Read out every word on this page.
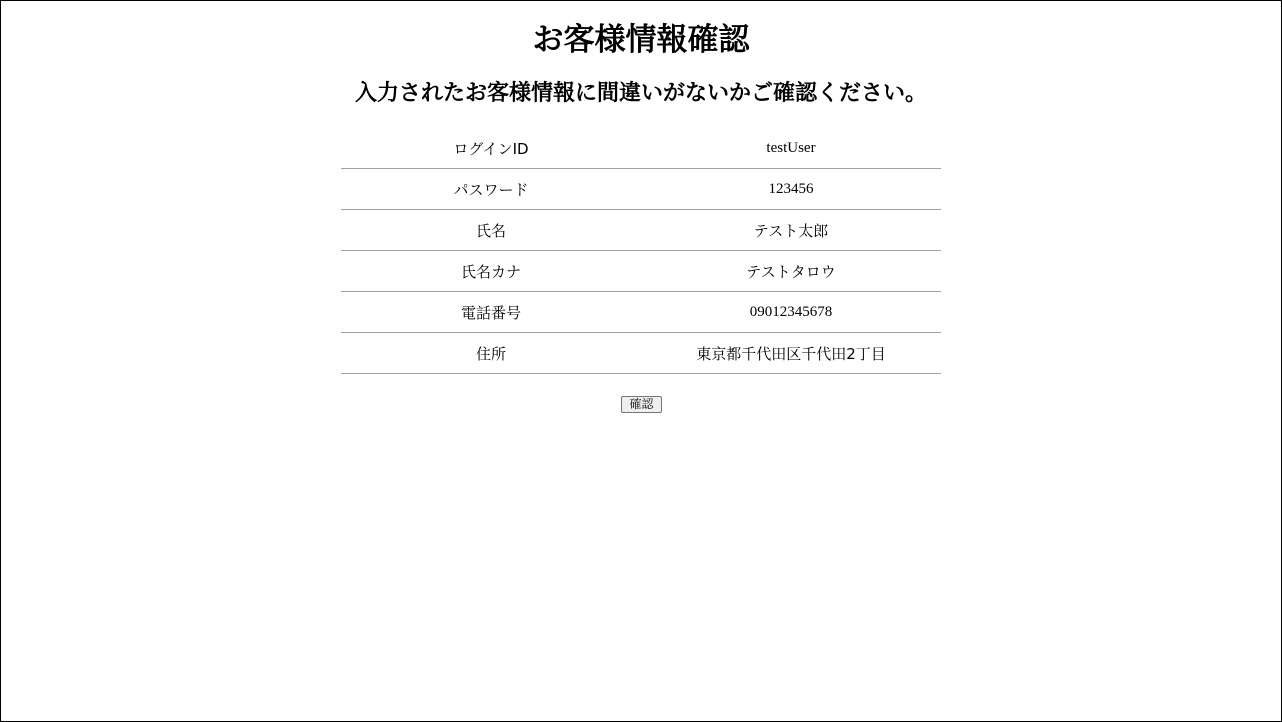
お客様情報確認
入力されたお客様情報に間違いがないかご確認ください。
ログインID	testUser
パスワード	123456
氏名	テスト太郎
氏名カナ	テストタロウ
電話番号	09012345678
住所	東京都千代田区千代田2丁目
確認
